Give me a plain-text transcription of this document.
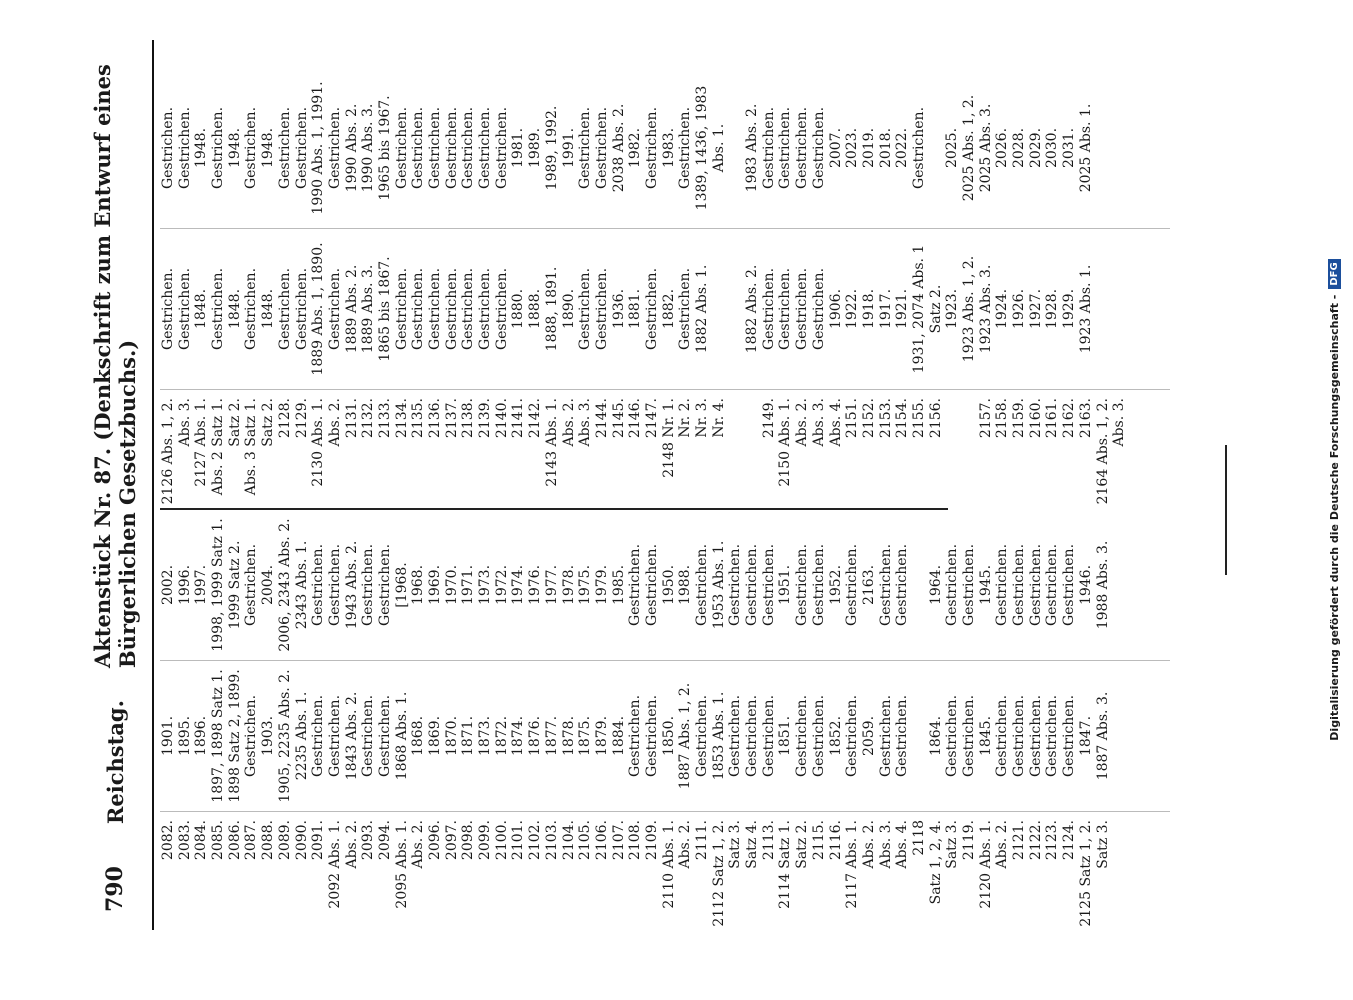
790
Reichstag.
Aktenstück Nr. 87. (Denkschrift zum Entwurf eines Bürgerlichen Gesetzbuchs.)
2082. 2083. 2084. 2085. 2086. 2087. 2088. 2089. 2090. 2091. 2092 Abs. 1. Abs. 2. 2093. 2094. 2095 Abs. 1. Abs. 2. 2096. 2097. 2098. 2099. 2100. 2101. 2102. 2103. 2104. 2105. 2106. 2107. 2108. 2109. 2110 Abs. 1. Abs. 2. 2111. 2112 Satz 1, 2. Satz 3. Satz 4. 2113. 2114 Satz 1. Satz 2. 2115. 2116. 2117 Abs. 1. Abs. 2. Abs. 3. Abs. 4. 2118 Satz 1, 2, 4. Satz 3. 2119. 2120 Abs. 1. Abs. 2. 2121. 2122. 2123. 2124. 2125 Satz 1, 2. Satz 3.
1901. 1895. 1896. 1897, 1898 Satz 1. 1898 Satz 2, 1899. Gestrichen. 1903. 1905, 2235 Abs. 2. 2235 Abs. 1. Gestrichen. Gestrichen. 1843 Abs. 2. Gestrichen. Gestrichen. 1868 Abs. 1. 1868. 1869. 1870. 1871. 1873. 1872. 1874. 1876. 1877. 1878. 1875. 1879. 1884. Gestrichen. Gestrichen. 1850. 1887 Abs. 1, 2. Gestrichen. 1853 Abs. 1. Gestrichen. Gestrichen. Gestrichen. 1851. Gestrichen. Gestrichen. 1852. Gestrichen. 2059. Gestrichen. Gestrichen. 1864. Gestrichen. Gestrichen. 1845. Gestrichen. Gestrichen. Gestrichen. Gestrichen. Gestrichen. 1847. 1887 Abs. 3.
2002. 1996. 1997. 1998, 1999 Satz 1. 1999 Satz 2. Gestrichen. 2004. 2006, 2343 Abs. 2. 2343 Abs. 1. Gestrichen. Gestrichen. 1943 Abs. 2. Gestrichen. Gestrichen. [1968. 1968. 1969. 1970. 1971. 1973. 1972. 1974. 1976. 1977. 1978. 1975. 1979. 1985. Gestrichen. Gestrichen. 1950. 1988. Gestrichen. 1953 Abs. 1. Gestrichen. Gestrichen. Gestrichen. 1951. Gestrichen. Gestrichen. 1952. Gestrichen. 2163. Gestrichen. Gestrichen. 1964. Gestrichen. Gestrichen. 1945. Gestrichen. Gestrichen. Gestrichen. Gestrichen. Gestrichen. 1946. 1988 Abs. 3.
2126 Abs. 1, 2. Abs. 3. 2127 Abs. 1. Abs. 2 Satz 1. Satz 2. Abs. 3 Satz 1. Satz 2. 2128. 2129. 2130 Abs. 1. Abs. 2. 2131. 2132. 2133. 2134. 2135. 2136. 2137. 2138. 2139. 2140. 2141. 2142. 2143 Abs. 1. Abs. 2. Abs. 3. 2144. 2145. 2146. 2147. 2148 Nr. 1. Nr. 2. Nr. 3. Nr. 4. 2149. 2150 Abs. 1. Abs. 2. Abs. 3. Abs. 4. 2151. 2152. 2153. 2154. 2155. 2156. 2157. 2158. 2159. 2160. 2161. 2162. 2163. 2164 Abs. 1, 2. Abs. 3.
Gestrichen. Gestrichen. 1848. Gestrichen. 1848. Gestrichen. 1848. Gestrichen. Gestrichen. 1889 Abs. 1, 1890. Gestrichen. 1889 Abs. 2. 1889 Abs. 3. 1865 bis 1867. Gestrichen. Gestrichen. Gestrichen. Gestrichen. Gestrichen. Gestrichen. Gestrichen. 1880. 1888. 1888, 1891. 1890. Gestrichen. Gestrichen. 1936. 1881. Gestrichen. 1882. Gestrichen. 1882 Abs. 1. 1882 Abs. 2. Gestrichen. Gestrichen. Gestrichen. Gestrichen. 1906. 1922. 1918. 1917. 1921. 1931, 2074 Abs. 1 Satz 2. 1923. 1923 Abs. 1, 2. 1923 Abs. 3. 1924. 1926. 1927. 1928. 1929. 1923 Abs. 1.
Gestrichen. Gestrichen. 1948. Gestrichen. 1948. Gestrichen. 1948. Gestrichen. Gestrichen. 1990 Abs. 1, 1991. Gestrichen. 1990 Abs. 2. 1990 Abs. 3. 1965 bis 1967. Gestrichen. Gestrichen. Gestrichen. Gestrichen. Gestrichen. Gestrichen. Gestrichen. 1981. 1989. 1989, 1992. 1991. Gestrichen. Gestrichen. 2038 Abs. 2. 1982. Gestrichen. 1983. Gestrichen. 1389, 1436, 1983 Abs. 1. 1983 Abs. 2. Gestrichen. Gestrichen. Gestrichen. Gestrichen. 2007. 2023. 2019. 2018. 2022. Gestrichen. 2025. 2025 Abs. 1, 2. 2025 Abs. 3. 2026. 2028. 2029. 2030. 2031. 2025 Abs. 1.
Digitalisierung gefördert durch die Deutsche Forschungsgemeinschaft -
DFG
